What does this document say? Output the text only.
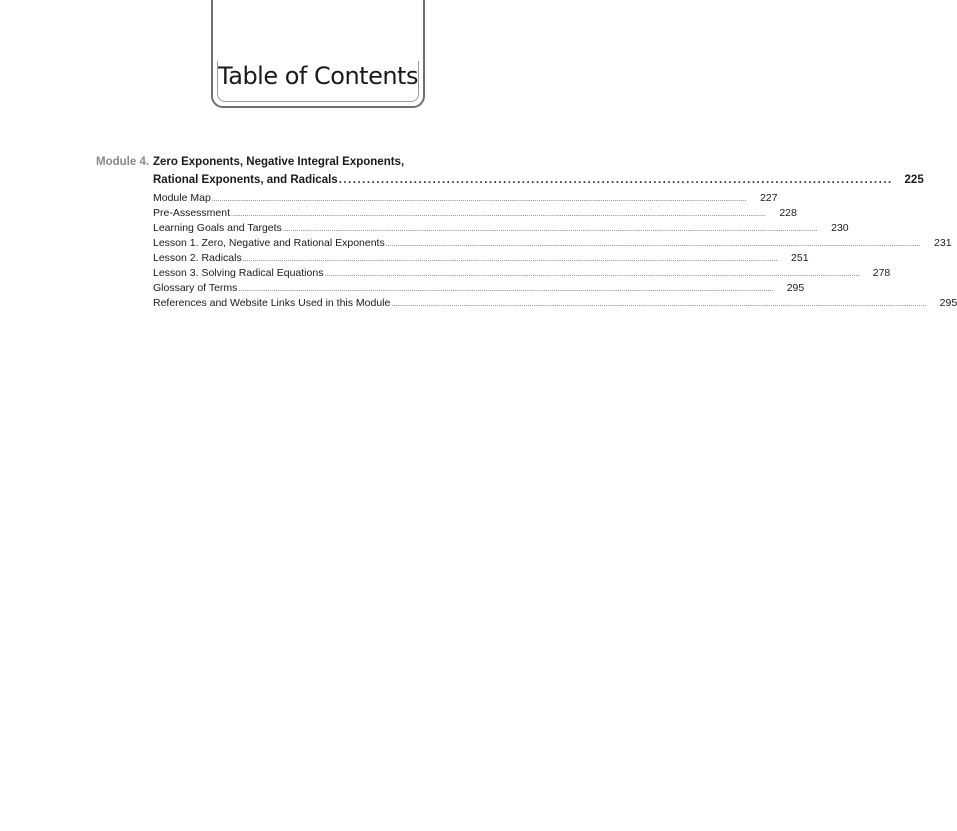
Table of Contents
Module 4. Zero Exponents, Negative Integral Exponents,
Rational Exponents, and Radicals ......................................................................................................................	225
Module Map ...................................................................................................................................................................................................................................................................................	227
Pre-Assessment ...................................................................................................................................................................................................................................................................................	228
Learning Goals and Targets ...................................................................................................................................................................................................................................................................................	230
Lesson 1. Zero, Negative and Rational Exponents ...................................................................................................................................................................................................................................................................................	231
Lesson 2. Radicals ...................................................................................................................................................................................................................................................................................	251
Lesson 3. Solving Radical Equations ...................................................................................................................................................................................................................................................................................	278
Glossary of Terms ...................................................................................................................................................................................................................................................................................	295
References and Website Links Used in this Module ...................................................................................................................................................................................................................................................................................	295
